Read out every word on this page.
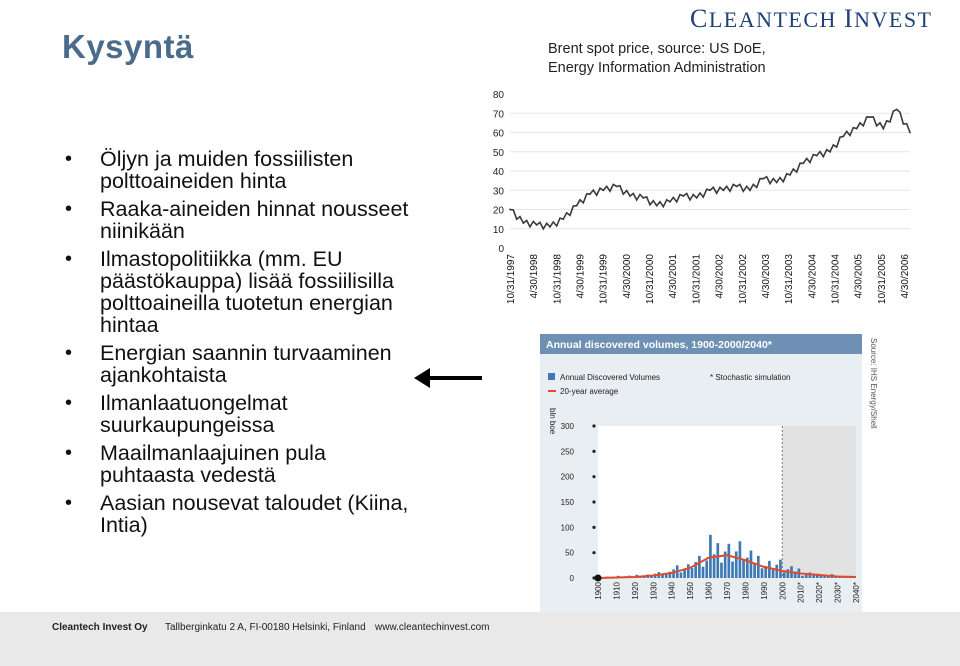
Kysyntä
CLEANTECH INVEST
• Öljyn ja muiden fossiilisten polttoaineiden hinta
• Raaka-aineiden hinnat nousseet niinikään
• Ilmastopolitiikka (mm. EU päästökauppa) lisää fossiilisilla polttoaineilla tuotetun energian hintaa
• Energian saannin turvaaminen ajankohtaista
• Ilmanlaatuongelmat suurkaupungeissa
• Maailmanlaajuinen pula puhtaasta vedestä
• Aasian nousevat taloudet (Kiina, Intia)
Brent spot price, source: US DoE, Energy Information Administration
0
10
20
30
40
50
60
70
80
10/31/1997 4/30/1998 10/31/1998 4/30/1999 10/31/1999 4/30/2000 10/31/2000 4/30/2001 10/31/2001 4/30/2002 10/31/2002 4/30/2003 10/31/2003 4/30/2004 10/31/2004 4/30/2005 10/31/2005 4/30/2006
Annual discovered volumes, 1900-2000/2040*	Source: IHS Energy/Shell
Annual Discovered Volumes
20-year average
* Stochastic simulation
bln boe
0
50
100
150
200
250
300
1900 1910 1920 1930 1940 1950 1960 1970 1980 1990 2000 2010* 2020* 2030* 2040*
Cleantech Invest Oy Tallberginkatu 2 A, FI-00180 Helsinki, Finland www.cleantechinvest.com
